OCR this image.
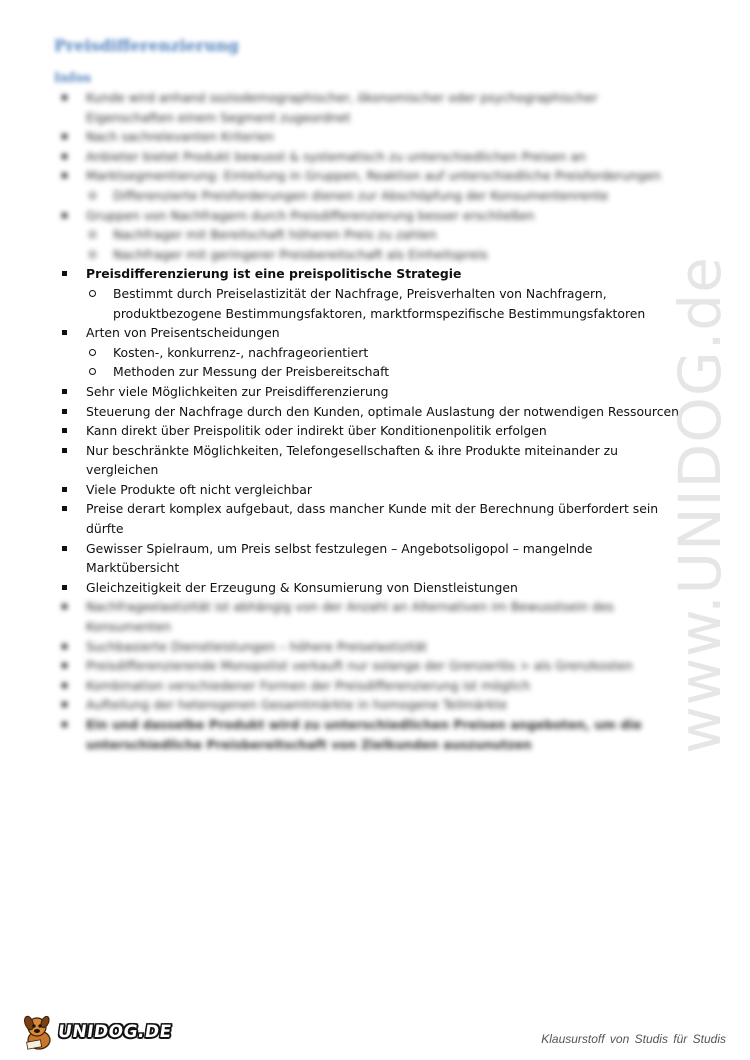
Preisdifferenzierung
Infos
Kunde wird anhand soziodemographischer, ökonomischer oder psychographischer Eigenschaften einem Segment zugeordnet
Nach sachrelevanten Kriterien
Anbieter bietet Produkt bewusst & systematisch zu unterschiedlichen Preisen an
Marktsegmentierung: Einteilung in Gruppen, Reaktion auf unterschiedliche Preisforderungen
Differenzierte Preisforderungen dienen zur Abschöpfung der Konsumentenrente
Gruppen von Nachfragern durch Preisdifferenzierung besser erschließen
Nachfrager mit Bereitschaft höheren Preis zu zahlen
Nachfrager mit geringerer Preisbereitschaft als Einheitspreis
Preisdifferenzierung ist eine preispolitische Strategie
Bestimmt durch Preiselastizität der Nachfrage, Preisverhalten von Nachfragern, produktbezogene Bestimmungsfaktoren, marktformspezifische Bestimmungsfaktoren
Arten von Preisentscheidungen
Kosten-, konkurrenz-, nachfrageorientiert
Methoden zur Messung der Preisbereitschaft
Sehr viele Möglichkeiten zur Preisdifferenzierung
Steuerung der Nachfrage durch den Kunden, optimale Auslastung der notwendigen Ressourcen
Kann direkt über Preispolitik oder indirekt über Konditionenpolitik erfolgen
Nur beschränkte Möglichkeiten, Telefongesellschaften & ihre Produkte miteinander zu vergleichen
Viele Produkte oft nicht vergleichbar
Preise derart komplex aufgebaut, dass mancher Kunde mit der Berechnung überfordert sein dürfte
Gewisser Spielraum, um Preis selbst festzulegen – Angebotsoligopol – mangelnde Marktübersicht
Gleichzeitigkeit der Erzeugung & Konsumierung von Dienstleistungen
Nachfrageelastizität ist abhängig von der Anzahl an Alternativen im Bewusstsein des Konsumenten
Suchbasierte Dienstleistungen – höhere Preiselastizität
Preisdifferenzierende Monopolist verkauft nur solange der Grenzerlös > als Grenzkosten
Kombination verschiedener Formen der Preisdifferenzierung ist möglich
Aufteilung der heterogenen Gesamtmärkte in homogene Teilmärkte
Ein und dasselbe Produkt wird zu unterschiedlichen Preisen angeboten, um die unterschiedliche Preisbereitschaft von Zielkunden auszunutzen	www.UNIDOG.de
UNIDOG.DE	Klausurstoff von Studis für Studis
